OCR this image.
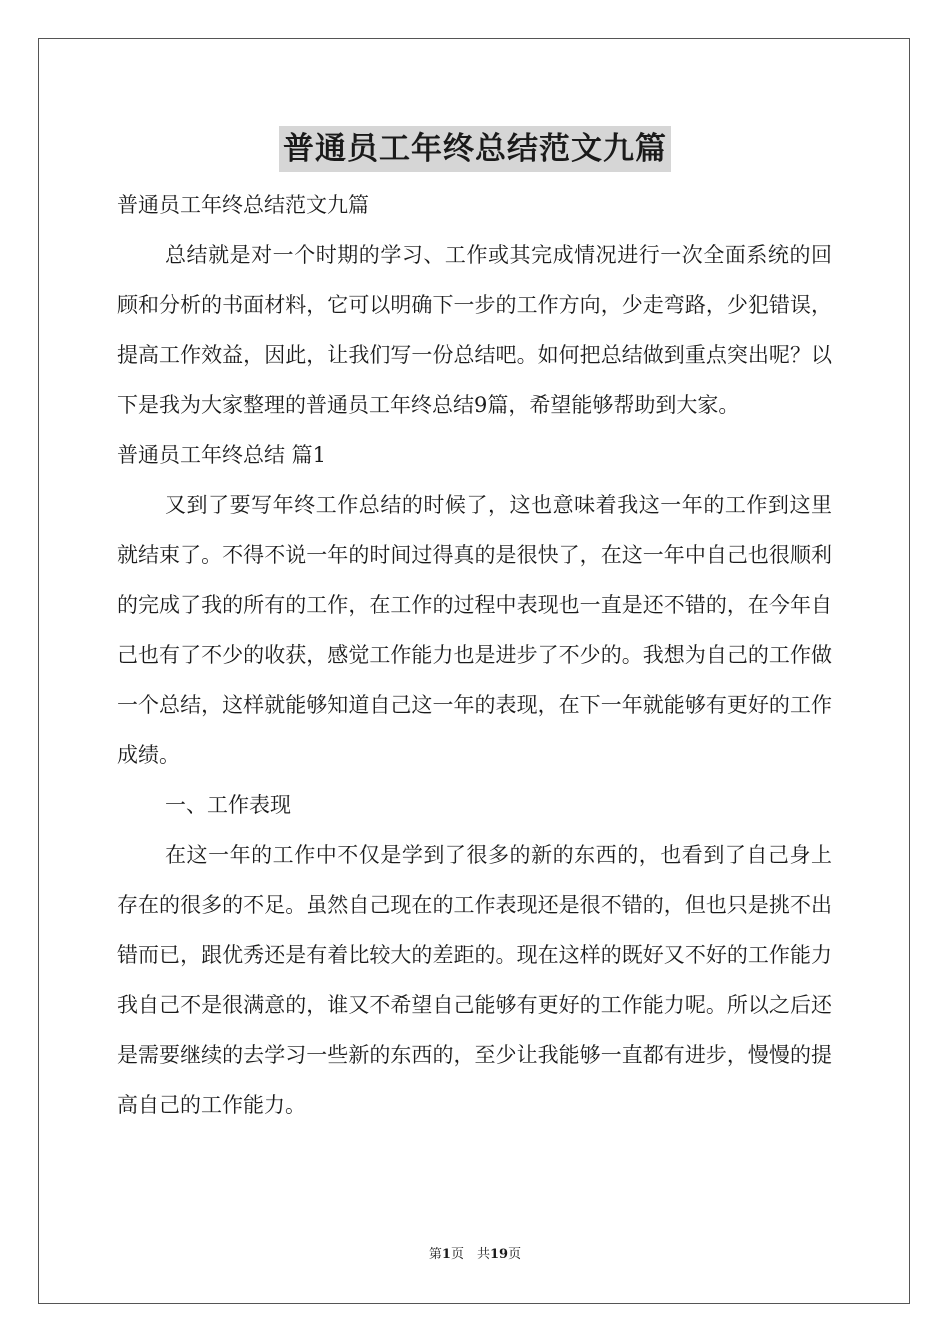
普通员工年终总结范文九篇

普通员工年终总结范文九篇

总结就是对一个时期的学习、工作或其完成情况进行一次全面系统的回顾和分析的书面材料，它可以明确下一步的工作方向，少走弯路，少犯错误，提高工作效益，因此，让我们写一份总结吧。如何把总结做到重点突出呢？以下是我为大家整理的普通员工年终总结9篇，希望能够帮助到大家。

普通员工年终总结 篇1

又到了要写年终工作总结的时候了，这也意味着我这一年的工作到这里就结束了。不得不说一年的时间过得真的是很快了，在这一年中自己也很顺利的完成了我的所有的工作，在工作的过程中表现也一直是还不错的，在今年自己也有了不少的收获，感觉工作能力也是进步了不少的。我想为自己的工作做一个总结，这样就能够知道自己这一年的表现，在下一年就能够有更好的工作成绩。

一、工作表现

在这一年的工作中不仅是学到了很多的新的东西的，也看到了自己身上存在的很多的不足。虽然自己现在的工作表现还是很不错的，但也只是挑不出错而已，跟优秀还是有着比较大的差距的。现在这样的既好又不好的工作能力我自己不是很满意的，谁又不希望自己能够有更好的工作能力呢。所以之后还是需要继续的去学习一些新的东西的，至少让我能够一直都有进步，慢慢的提高自己的工作能力。

第1页　共19页
